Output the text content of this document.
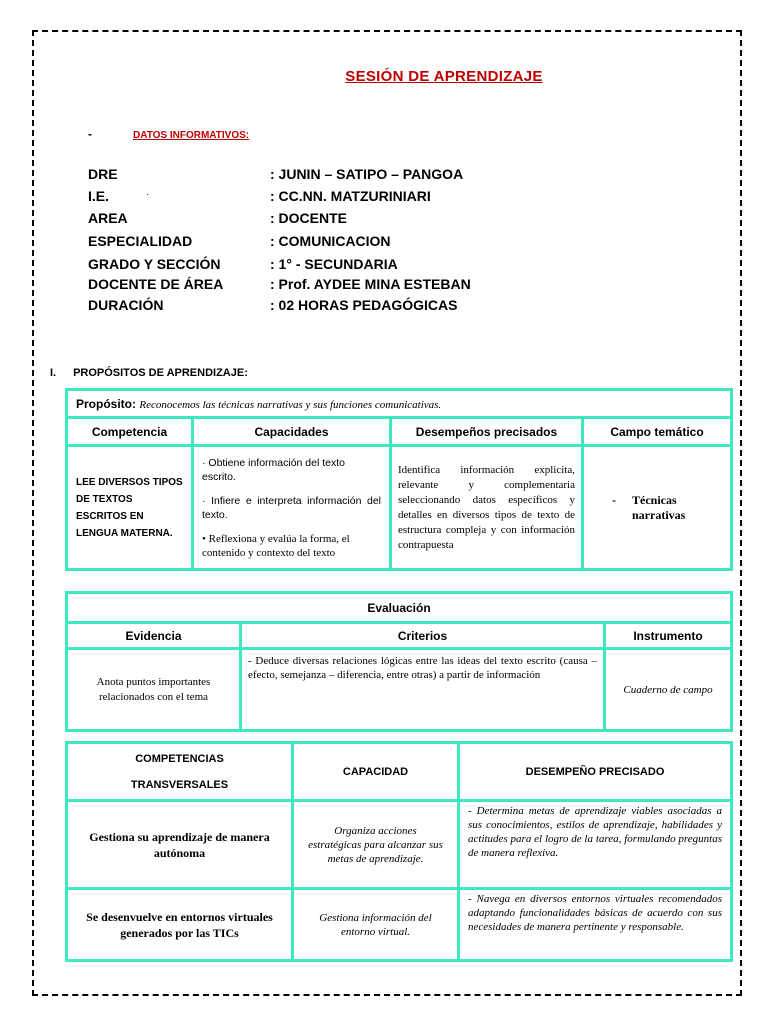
SESIÓN DE APRENDIZAJE
-	DATOS INFORMATIVOS:
DRE	: JUNIN – SATIPO – PANGOA
I.E.	: CC.NN. MATZURINIARI
·
AREA	: DOCENTE
ESPECIALIDAD	: COMUNICACION
GRADO Y SECCIÓN	: 1° - SECUNDARIA
DOCENTE DE ÁREA	: Prof. AYDEE MINA ESTEBAN
DURACIÓN	: 02 HORAS PEDAGÓGICAS
I. PROPÓSITOS DE APRENDIZAJE:
Propósito: Reconocemos las técnicas narrativas y sus funciones comunicativas.			
Competencia	Capacidades	Desempeños precisados	Campo temático
LEE DIVERSOS TIPOS DE TEXTOS ESCRITOS EN LENGUA MATERNA.	· Obtiene información del texto escrito.
· Infiere e interpreta información del texto.
• Reflexiona y evalúa la forma, el contenido y contexto del texto	Identifica información explicita, relevante y complementaria seleccionando datos específicos y detalles en diversos tipos de texto de estructura compleja y con información contrapuesta	- Técnicas narrativas
Evaluación		
Evidencia	Criterios	Instrumento
Anota puntos importantes relacionados con el tema	- Deduce diversas relaciones lógicas entre las ideas del texto escrito (causa – efecto, semejanza – diferencia, entre otras) a partir de información	Cuaderno de campo
COMPETENCIAS
TRANSVERSALES	CAPACIDAD	DESEMPEÑO PRECISADO
Gestiona su aprendizaje de manera autónoma	Organiza acciones estratégicas para alcanzar sus metas de aprendizaje.	- Determina metas de aprendizaje viables asociadas a sus conocimientos, estilos de aprendizaje, habilidades y actitudes para el logro de la tarea, formulando preguntas de manera reflexiva.
Se desenvuelve en entornos virtuales generados por las TICs	Gestiona información del entorno virtual.	- Navega en diversos entornos virtuales recomendados adaptando funcionalidades básicas de acuerdo con sus necesidades de manera pertinente y responsable.
